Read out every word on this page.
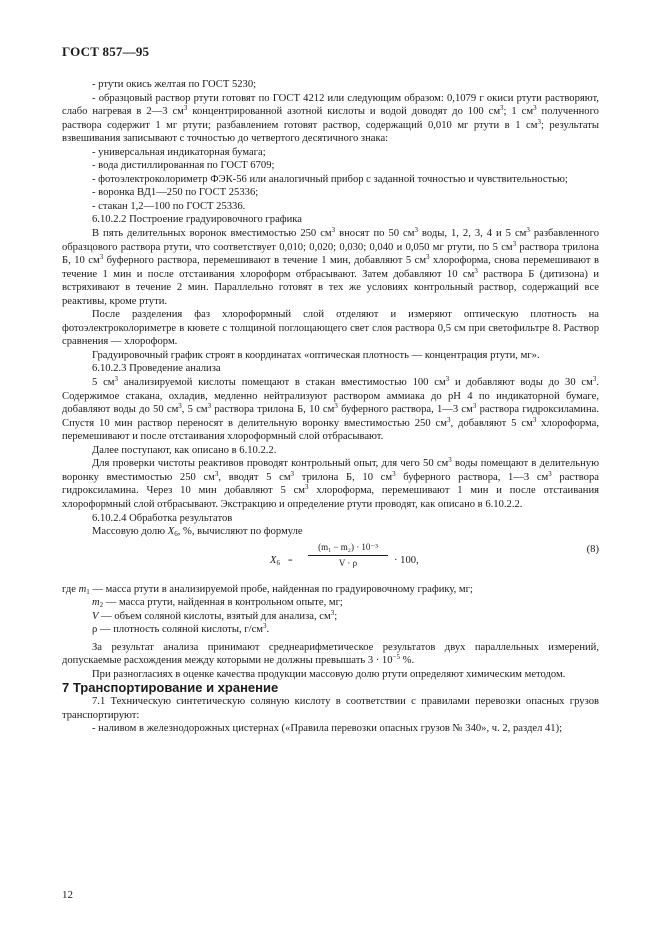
ГОСТ 857—95

- ртути окись желтая по ГОСТ 5230;

- образцовый раствор ртути готовят по ГОСТ 4212 или следующим образом: 0,1079 г окиси ртути растворяют, слабо нагревая в 2—3 $см^3$ концентрированной азотной кислоты и водой доводят до 100 $см^3$; 1 $см^3$ полученного раствора содержит 1 мг ртути; разбавлением готовят раствор, содержащий 0,010 мг ртути в 1 $см^3$; результаты взвешивания записывают с точностью до четвертого десятичного знака:

- универсальная индикаторная бумага;

- вода дистиллированная по ГОСТ 6709;

- фотоэлектроколориметр ФЭК-56 или аналогичный прибор с заданной точностью и чувствительностью;

- воронка ВД1—250 по ГОСТ 25336;

- стакан 1,2—100 по ГОСТ 25336.

6.10.2.2 Построение градуировочного графика

В пять делительных воронок вместимостью 250 $см^3$ вносят по 50 $см^3$ воды, 1, 2, 3, 4 и 5 $см^3$ разбавленного образцового раствора ртути, что соответствует 0,010; 0,020; 0,030; 0,040 и 0,050 мг ртути, по 5 $см^3$ раствора трилона Б, 10 $см^3$ буферного раствора, перемешивают в течение 1 мин, добавляют 5 $см^3$ хлороформа, снова перемешивают в течение 1 мин и после отстаивания хлороформ отбрасывают. Затем добавляют 10 $см^3$ раствора Б (дитизона) и встряхивают в течение 2 мин. Параллельно готовят в тех же условиях контрольный раствор, содержащий все реактивы, кроме ртути.

После разделения фаз хлороформный слой отделяют и измеряют оптическую плотность на фотоэлектроколориметре в кювете с толщиной поглощающего свет слоя раствора 0,5 см при светофильтре 8. Раствор сравнения — хлороформ.

Градуировочный график строят в координатах «оптическая плотность — концентрация ртути, мг».

6.10.2.3 Проведение анализа

5 $см^3$ анализируемой кислоты помещают в стакан вместимостью 100 $см^3$ и добавляют воды до 30 $см^3$. Содержимое стакана, охладив, медленно нейтрализуют раствором аммиака до pH 4 по индикаторной бумаге, добавляют воды до 50 $см^3$, 5 $см^3$ раствора трилона Б, 10 $см^3$ буферного раствора, 1—3 $см^3$ раствора гидроксиламина. Спустя 10 мин раствор переносят в делительную воронку вместимостью 250 $см^3$, добавляют 5 $см^3$ хлороформа, перемешивают и после отстаивания хлороформный слой отбрасывают.

Далее поступают, как описано в 6.10.2.2.

Для проверки чистоты реактивов проводят контрольный опыт, для чего 50 $см^3$ воды помещают в делительную воронку вместимостью 250 $см^3$, вводят 5 $см^3$ трилона Б, 10 $см^3$ буферного раствора, 1—3 $см^3$ раствора гидроксиламина. Через 10 мин добавляют 5 $см^3$ хлороформа, перемешивают 1 мин и после отстаивания хлороформный слой отбрасывают. Экстракцию и определение ртути проводят, как описано в 6.10.2.2.

6.10.2.4 Обработка результатов

Массовую долю $X_6$, %, вычисляют по формуле

$X_6 = \frac{\text{(m₁ − m₂) · 10⁻³}}{V \cdot \rho} \cdot 100$,
(8)

где $m_1$ — масса ртути в анализируемой пробе, найденная по градуировочному графику, мг;

$m_2$ — масса ртути, найденная в контрольном опыте, мг;

V — объем соляной кислоты, взятый для анализа, $см^3$;

ρ — плотность соляной кислоты, $г/см^3$.

За результат анализа принимают среднеарифметическое результатов двух параллельных измерений, допускаемые расхождения между которыми не должны превышать $3 \cdot 10^{-5}$ %.

При разногласиях в оценке качества продукции массовую долю ртути определяют химическим методом.

7 Транспортирование и хранение

7.1 Техническую синтетическую соляную кислоту в соответствии с правилами перевозки опасных грузов транспортируют:

- наливом в железнодорожных цистернах («Правила перевозки опасных грузов № 340», ч. 2, раздел 41);

12
